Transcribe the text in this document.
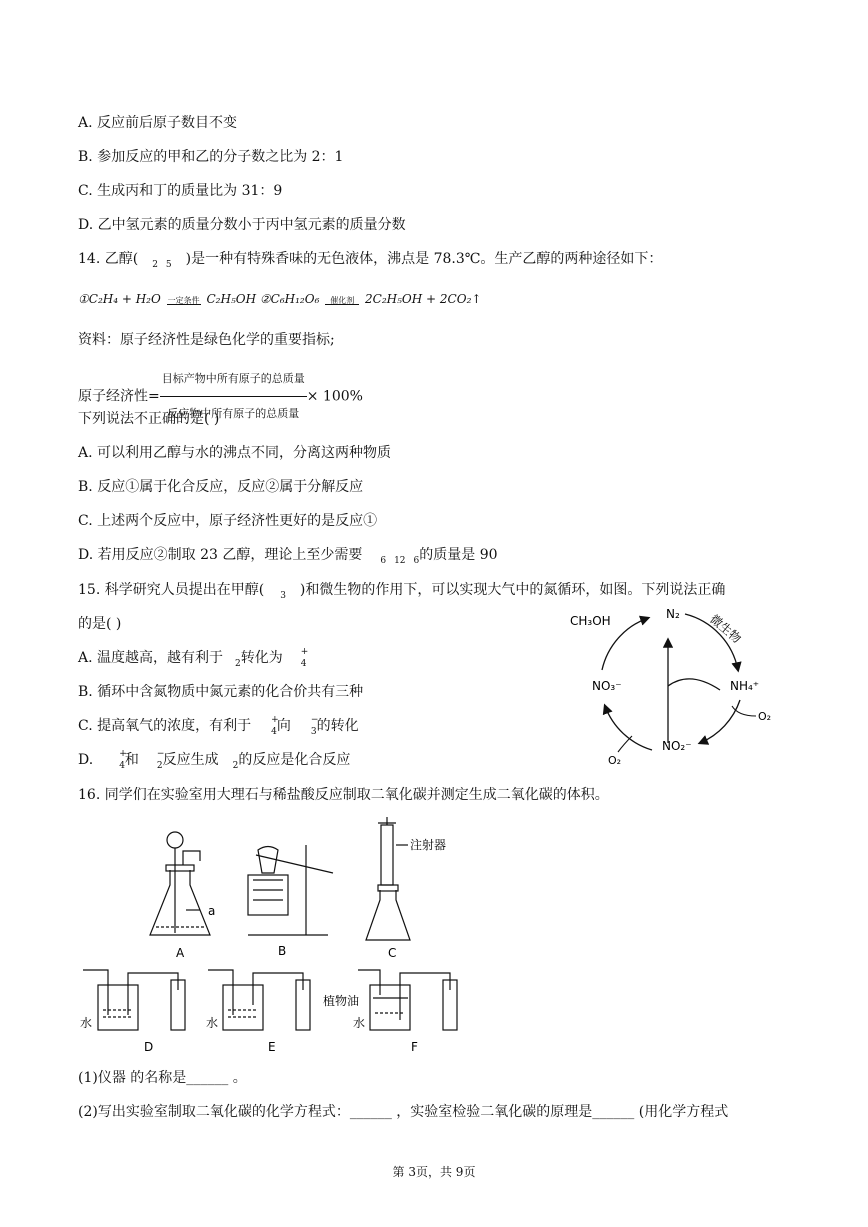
A. 反应前后原子数目不变
B. 参加反应的甲和乙的分子数之比为 2：1
C. 生成丙和丁的质量比为 31：9
D. 乙中氢元素的质量分数小于丙中氢元素的质量分数
14. 乙醇( $_2$ $_5$ )是一种有特殊香味的无色液体，沸点是 78.3℃。生产乙醇的两种途径如下：
①C₂H₄ + H₂O 一定条件 C₂H₅OH ②C₆H₁₂O₆ 催化剂 2C₂H₅OH + 2CO₂↑
资料：原子经济性是绿色化学的重要指标;
原子经济性= $\frac{\text{目标产物中所有原子的总质量}}{\text{反应物中所有原子的总质量}} \times 100\%$
下列说法不正确的是( )
A. 可以利用乙醇与水的沸点不同，分离这两种物质
B. 反应①属于化合反应，反应②属于分解反应
C. 上述两个反应中，原子经济性更好的是反应①
D. 若用反应②制取 23 乙醇，理论上至少需要 $_6$ $_{12}$ $_6$的质量是 90
15. 科学研究人员提出在甲醇( $_3$ )和微生物的作用下，可以实现大气中的氮循环，如图。下列说法正确
的是( )
A. 温度越高，越有利于 $_2$转化为 +
$_4$
B. 循环中含氮物质中氮元素的化合价共有三种
C. 提高氧气的浓度，有利于 +
$_4$向 −
$_3$的转化
D.	+
$_4$和 −
$_2$反应生成 $_2$的反应是化合反应
CH₃OH	N₂ 微生物
NH₄⁺
NO₃⁻
NO₂⁻
O₂
O₂
16. 同学们在实验室用大理石与稀盐酸反应制取二氧化碳并测定生成二氧化碳的体积。
a
A	B	C
注射器
D	E	F
水	水
植物油
水
(1)仪器 的名称是______ 。
(2)写出实验室制取二氧化碳的化学方程式：______ ，实验室检验二氧化碳的原理是______ (用化学方程式
第 3页，共 9页
